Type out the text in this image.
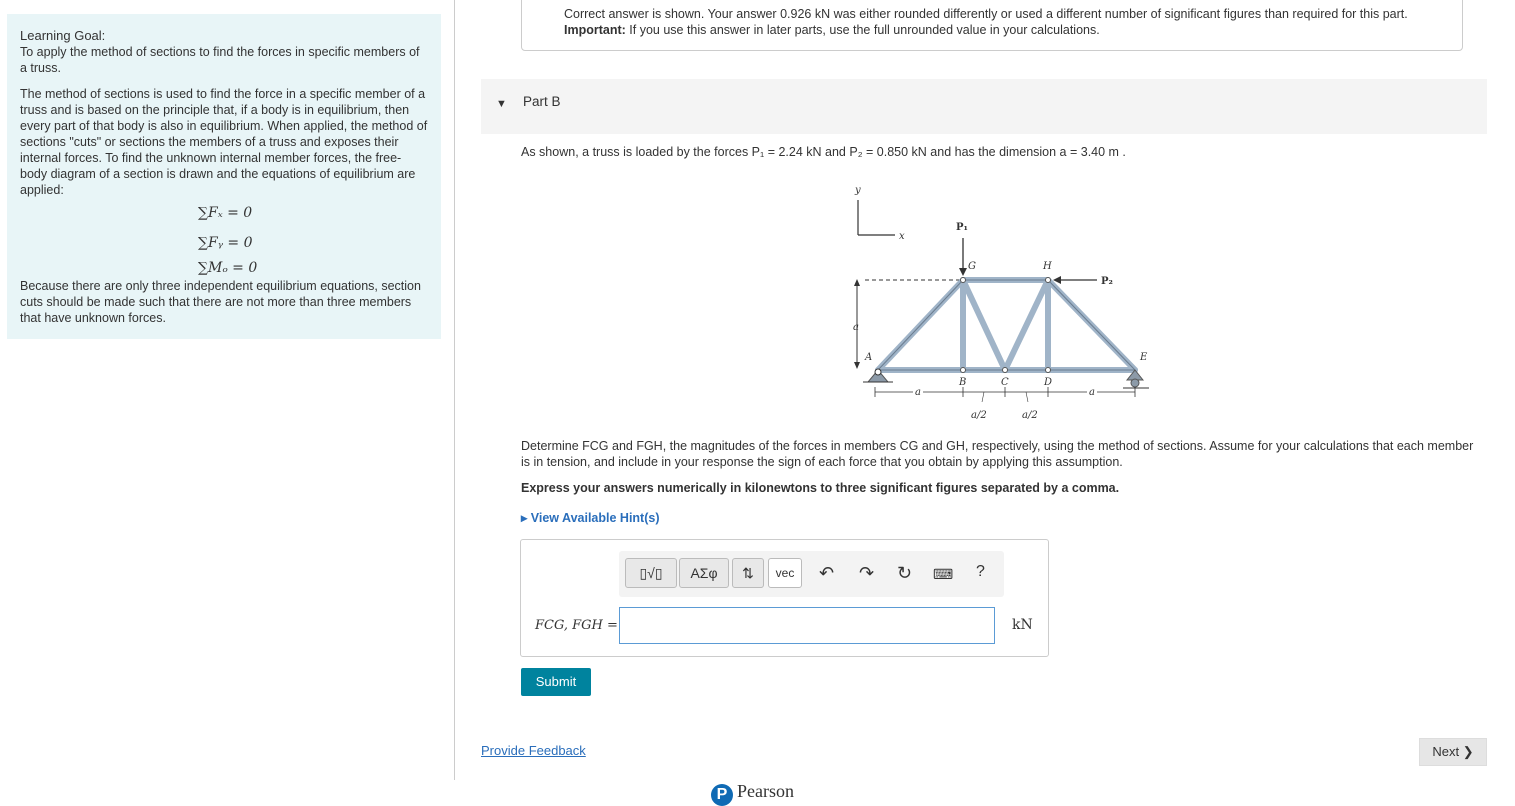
Learning Goal:

To apply the method of sections to find the forces in specific members of a truss.

The method of sections is used to find the force in a specific member of a truss and is based on the principle that, if a body is in equilibrium, then every part of that body is also in equilibrium. When applied, the method of sections "cuts" or sections the members of a truss and exposes their internal forces. To find the unknown internal member forces, the free-body diagram of a section is drawn and the equations of equilibrium are applied:

∑Fₓ = 0
∑Fᵧ = 0
∑Mₒ = 0

Because there are only three independent equilibrium equations, section cuts should be made such that there are not more than three members that have unknown forces.

Correct answer is shown. Your answer 0.926 kN was either rounded differently or used a different number of significant figures than required for this part.
Important: If you use this answer in later parts, use the full unrounded value in your calculations.
▼ Part B
As shown, a truss is loaded by the forces P₁ = 2.24 kN and P₂ = 0.850 kN and has the dimension a = 3.40 m .
y
x
a
P₁
P₂
G	H
A
B	C	D
E
a	a
a/2	a/2
Determine FCG and FGH, the magnitudes of the forces in members CG and GH, respectively, using the method of sections. Assume for your calculations that each member is in tension, and include in your response the sign of each force that you obtain by applying this assumption.
Express your answers numerically in kilonewtons to three significant figures separated by a comma.
▸ View Available Hint(s)
▯√▯	ΑΣφ	⇅	vec	↶ ↷ ↻ ⌨ ?
FCG, FGH =	kN
Submit
Provide Feedback	Next ❯
P Pearson
